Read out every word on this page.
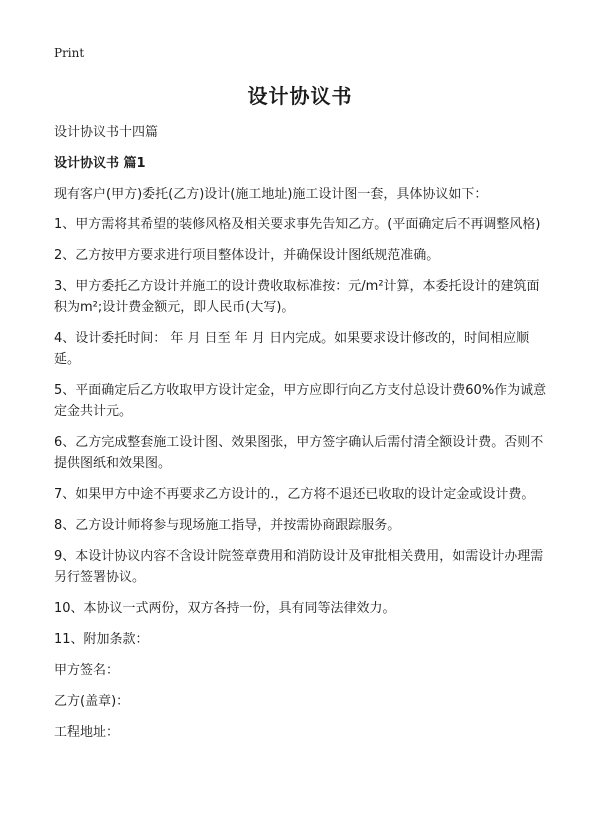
Print
设计协议书

设计协议书十四篇

设计协议书 篇1

现有客户(甲方)委托(乙方)设计(施工地址)施工设计图一套，具体协议如下：

1、甲方需将其希望的装修风格及相关要求事先告知乙方。(平面确定后不再调整风格)

2、乙方按甲方要求进行项目整体设计，并确保设计图纸规范准确。

3、甲方委托乙方设计并施工的设计费收取标准按：元/m²计算，本委托设计的建筑面积为m²;设计费金额元，即人民币(大写)。

4、设计委托时间： 年 月 日至 年 月 日内完成。如果要求设计修改的，时间相应顺延。

5、平面确定后乙方收取甲方设计定金，甲方应即行向乙方支付总设计费60%作为诚意定金共计元。

6、乙方完成整套施工设计图、效果图张，甲方签字确认后需付清全额设计费。否则不提供图纸和效果图。

7、如果甲方中途不再要求乙方设计的.，乙方将不退还已收取的设计定金或设计费。

8、乙方设计师将参与现场施工指导，并按需协商跟踪服务。

9、本设计协议内容不含设计院签章费用和消防设计及审批相关费用，如需设计办理需另行签署协议。

10、本协议一式两份，双方各持一份，具有同等法律效力。

11、附加条款：

甲方签名：

乙方(盖章)：

工程地址：
